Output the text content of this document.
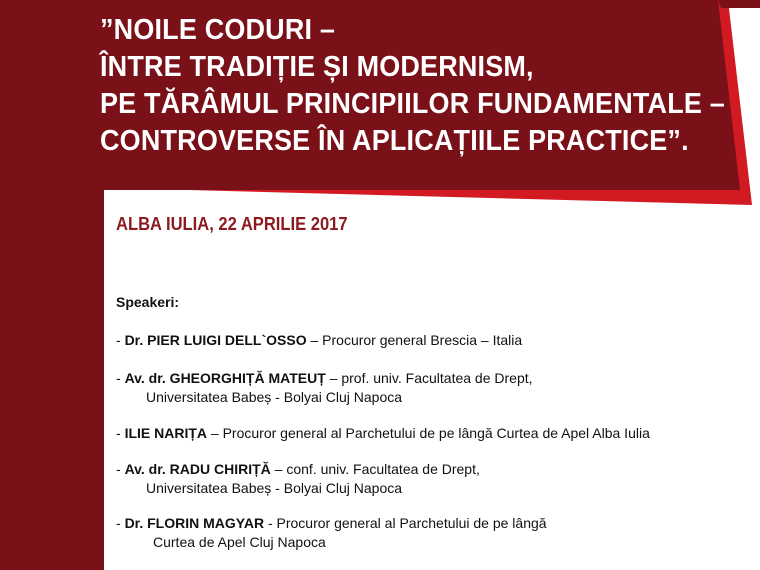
”NOILE CODURI –
ÎNTRE TRADIȚIE ȘI MODERNISM,
PE TĂRÂMUL PRINCIPIILOR FUNDAMENTALE –
CONTROVERSE ÎN APLICAȚIILE PRACTICE”.
ALBA IULIA, 22 APRILIE 2017
Speakeri:
- Dr. PIER LUIGI DELL`OSSO – Procuror general Brescia – Italia
- Av. dr. GHEORGHIȚĂ MATEUȚ – prof. univ. Facultatea de Drept,
Universitatea Babeș - Bolyai Cluj Napoca
- ILIE NARIȚA – Procuror general al Parchetului de pe lângă Curtea de Apel Alba Iulia
- Av. dr. RADU CHIRIȚĂ – conf. univ. Facultatea de Drept,
Universitatea Babeș - Bolyai Cluj Napoca
- Dr. FLORIN MAGYAR - Procuror general al Parchetului de pe lângă
Curtea de Apel Cluj Napoca
